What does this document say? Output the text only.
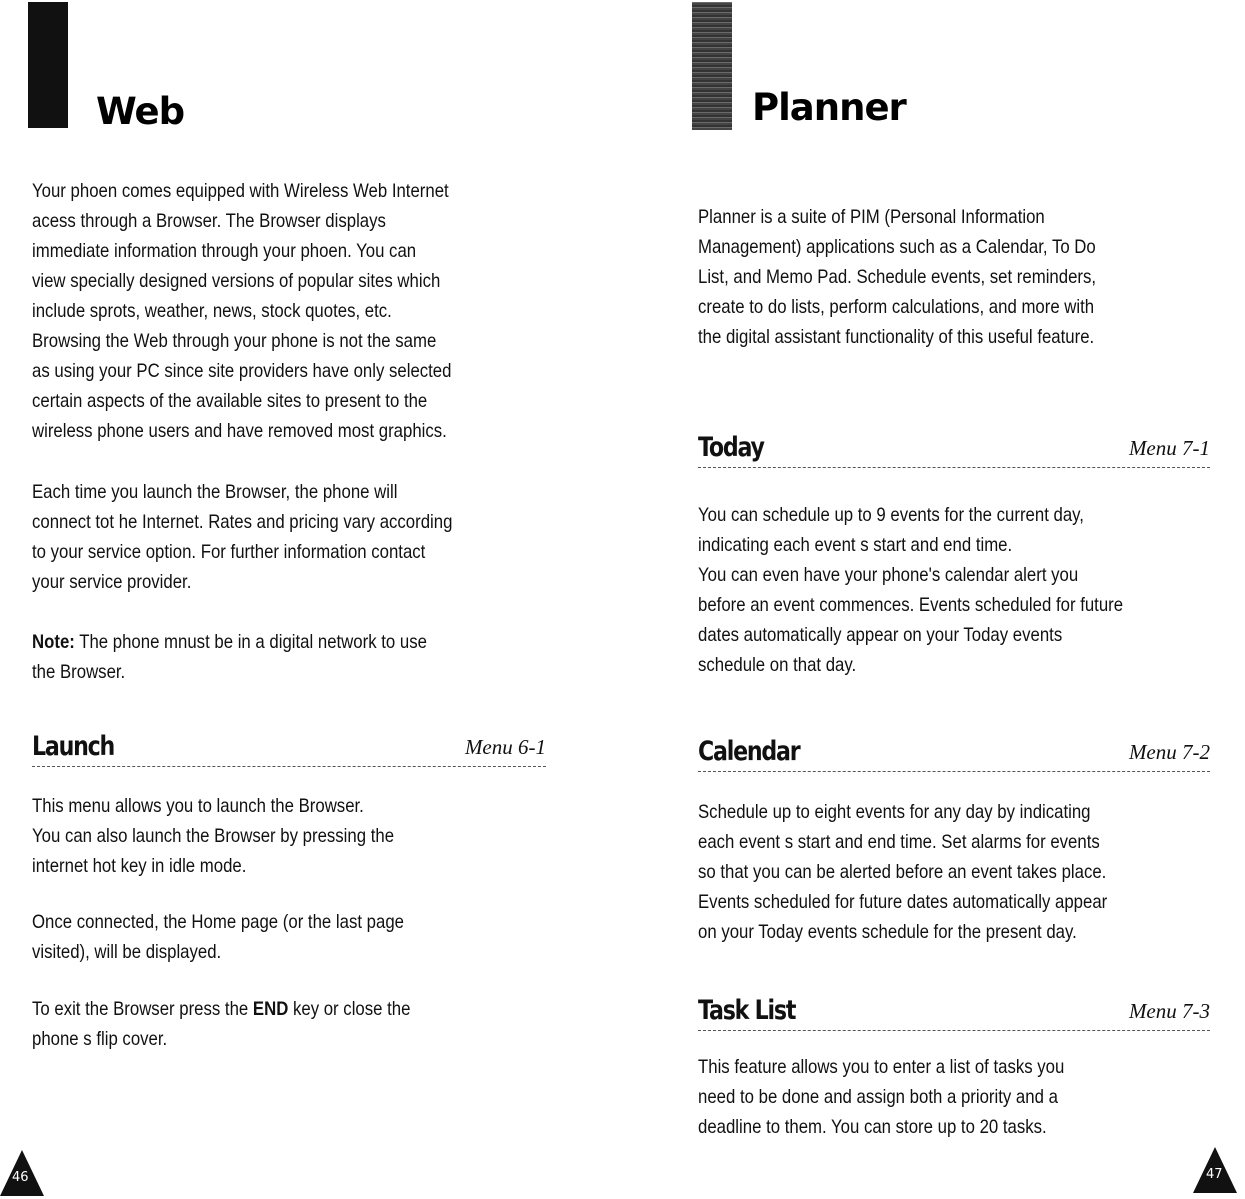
Web
Your phoen comes equipped with Wireless Web Internet
acess through a Browser. The Browser displays
immediate information through your phoen. You can
view specially designed versions of popular sites which
include sprots, weather, news, stock quotes, etc.
Browsing the Web through your phone is not the same
as using your PC since site providers have only selected
certain aspects of the available sites to present to the
wireless phone users and have removed most graphics.
Each time you launch the Browser, the phone will
connect tot he Internet. Rates and pricing vary according
to your service option. For further information contact
your service provider.
Note: The phone mnust be in a digital network to use
the Browser.
Launch	Menu 6-1
This menu allows you to launch the Browser.
You can also launch the Browser by pressing the
internet hot key in idle mode.
Once connected, the Home page (or the last page
visited), will be displayed.
To exit the Browser press the END key or close the
phone s flip cover.
46
Planner
Planner is a suite of PIM (Personal Information
Management) applications such as a Calendar, To Do
List, and Memo Pad. Schedule events, set reminders,
create to do lists, perform calculations, and more with
the digital assistant functionality of this useful feature.
Today	Menu 7-1
You can schedule up to 9 events for the current day,
indicating each event s start and end time.
You can even have your phone's calendar alert you
before an event commences. Events scheduled for future
dates automatically appear on your Today events
schedule on that day.
Calendar	Menu 7-2
Schedule up to eight events for any day by indicating
each event s start and end time. Set alarms for events
so that you can be alerted before an event takes place.
Events scheduled for future dates automatically appear
on your Today events schedule for the present day.
Task List	Menu 7-3
This feature allows you to enter a list of tasks you
need to be done and assign both a priority and a
deadline to them. You can store up to 20 tasks.
47
